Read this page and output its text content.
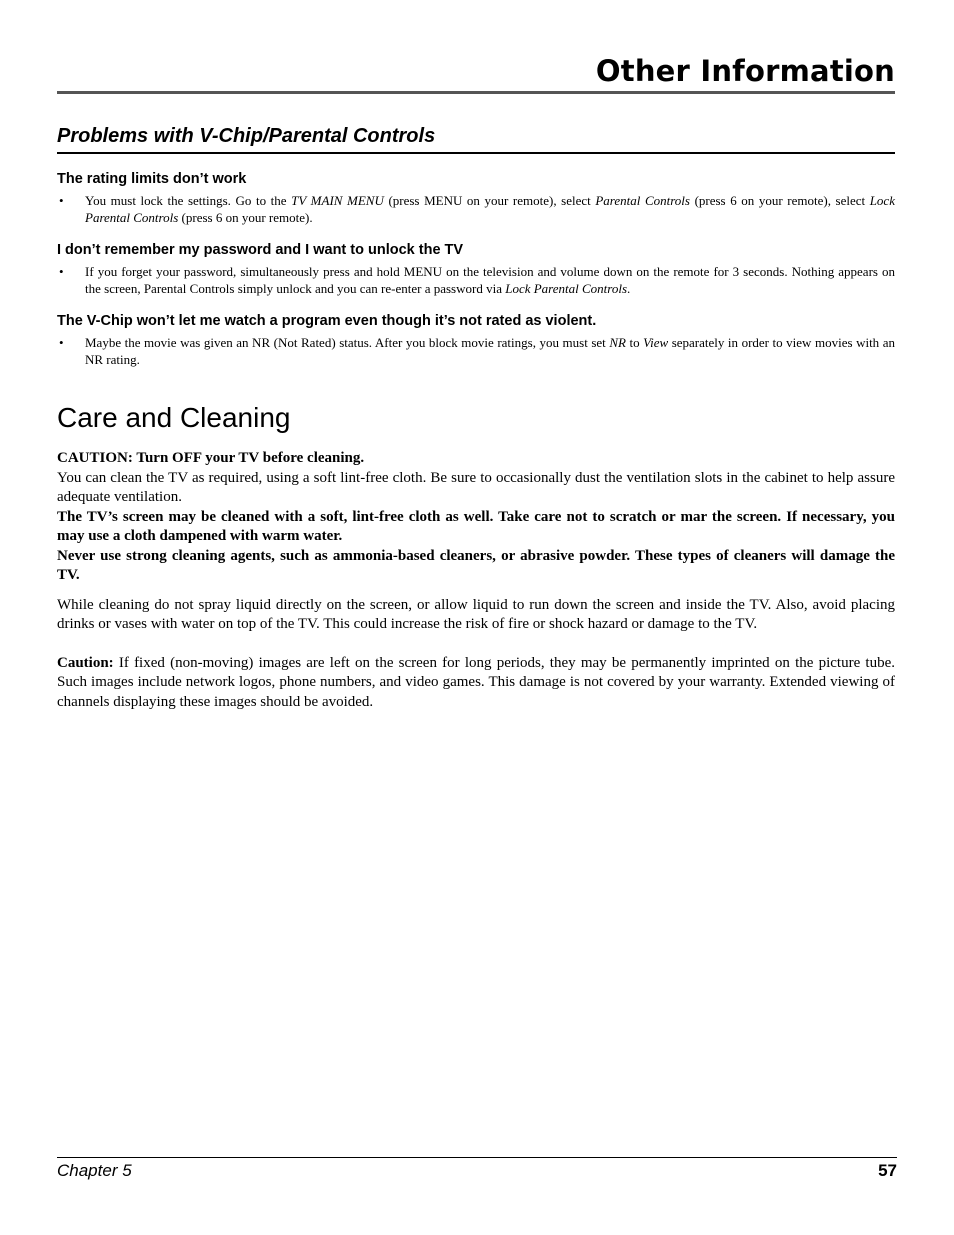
Other Information
Problems with V-Chip/Parental Controls

The rating limits don’t work

• You must lock the settings. Go to the TV MAIN MENU (press MENU on your remote), select Parental Controls (press 6 on your remote), select Lock Parental Controls (press 6 on your remote).

I don’t remember my password and I want to unlock the TV

• If you forget your password, simultaneously press and hold MENU on the television and volume down on the remote for 3 seconds. Nothing appears on the screen, Parental Controls simply unlock and you can re-enter a password via Lock Parental Controls.

The V-Chip won’t let me watch a program even though it’s not rated as violent.

• Maybe the movie was given an NR (Not Rated) status. After you block movie ratings, you must set NR to View separately in order to view movies with an NR rating.
Care and Cleaning

CAUTION: Turn OFF your TV before cleaning.

You can clean the TV as required, using a soft lint-free cloth. Be sure to occasionally dust the ventilation slots in the cabinet to help assure adequate ventilation.

The TV’s screen may be cleaned with a soft, lint-free cloth as well. Take care not to scratch or mar the screen. If necessary, you may use a cloth dampened with warm water.

Never use strong cleaning agents, such as ammonia-based cleaners, or abrasive powder. These types of cleaners will damage the TV.

While cleaning do not spray liquid directly on the screen, or allow liquid to run down the screen and inside the TV. Also, avoid placing drinks or vases with water on top of the TV. This could increase the risk of fire or shock hazard or damage to the TV.

Caution: If fixed (non-moving) images are left on the screen for long periods, they may be permanently imprinted on the picture tube. Such images include network logos, phone numbers, and video games. This damage is not covered by your warranty. Extended viewing of channels displaying these images should be avoided.

Chapter 5	57
